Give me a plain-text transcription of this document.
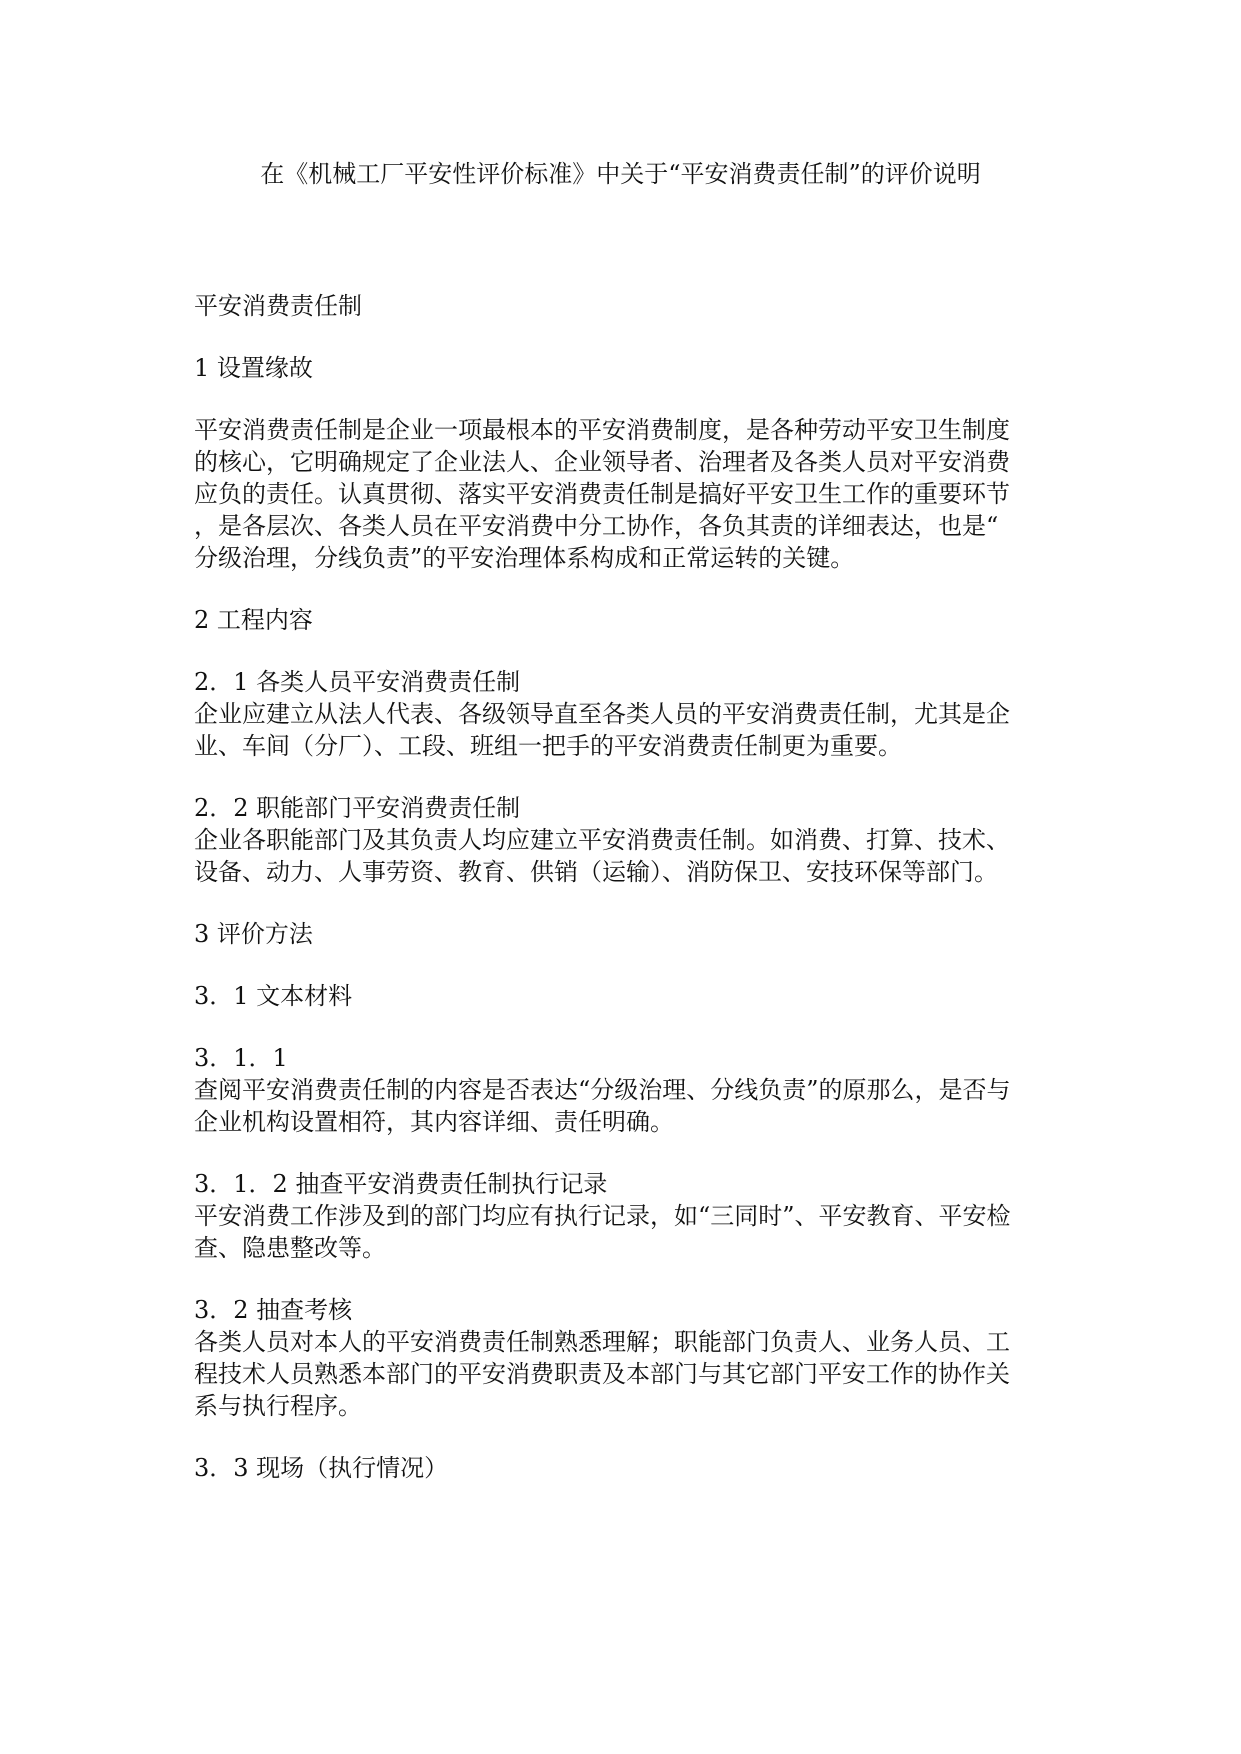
在《机械工厂平安性评价标准》中关于“平安消费责任制”的评价说明

平安消费责任制

1 设置缘故

平安消费责任制是企业一项最根本的平安消费制度，是各种劳动平安卫生制度
的核心，它明确规定了企业法人、企业领导者、治理者及各类人员对平安消费
应负的责任。认真贯彻、落实平安消费责任制是搞好平安卫生工作的重要环节
，是各层次、各类人员在平安消费中分工协作，各负其责的详细表达，也是“
分级治理，分线负责”的平安治理体系构成和正常运转的关键。

2 工程内容

2．1 各类人员平安消费责任制
企业应建立从法人代表、各级领导直至各类人员的平安消费责任制，尤其是企
业、车间（分厂）、工段、班组一把手的平安消费责任制更为重要。

2．2 职能部门平安消费责任制
企业各职能部门及其负责人均应建立平安消费责任制。如消费、打算、技术、
设备、动力、人事劳资、教育、供销（运输）、消防保卫、安技环保等部门。

3 评价方法

3．1 文本材料

3．1．1
查阅平安消费责任制的内容是否表达“分级治理、分线负责”的原那么，是否与
企业机构设置相符，其内容详细、责任明确。

3．1．2 抽查平安消费责任制执行记录
平安消费工作涉及到的部门均应有执行记录，如“三同时”、平安教育、平安检
查、隐患整改等。

3．2 抽查考核
各类人员对本人的平安消费责任制熟悉理解；职能部门负责人、业务人员、工
程技术人员熟悉本部门的平安消费职责及本部门与其它部门平安工作的协作关
系与执行程序。

3．3 现场（执行情况）
